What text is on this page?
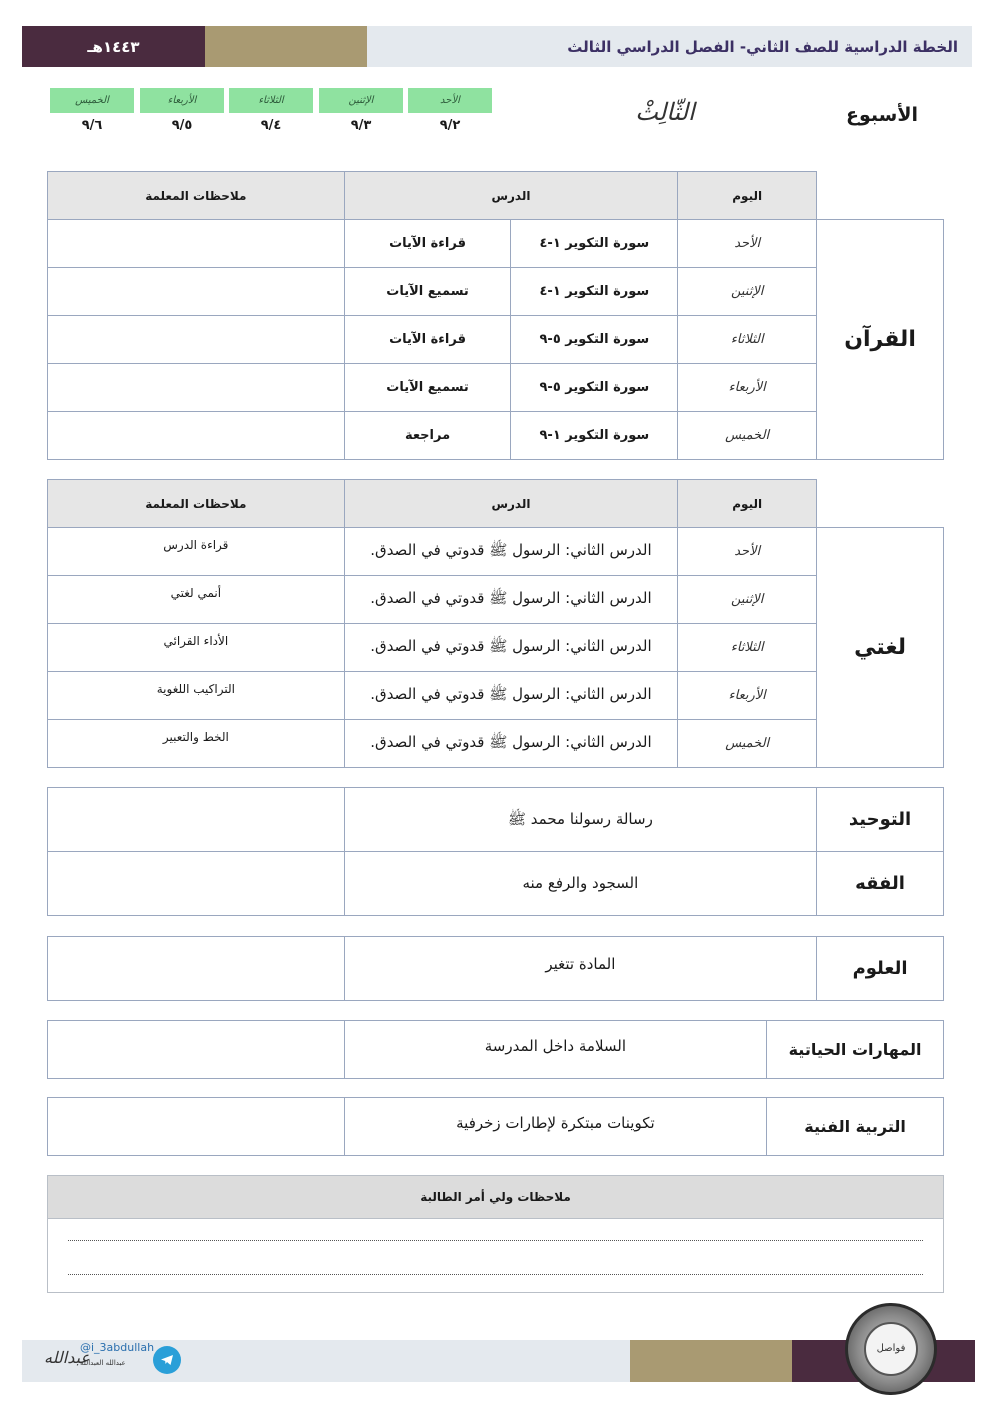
١٤٤٣هـ	الخطة الدراسية للصف الثاني- الفصل الدراسي الثالث
الأسبوع
الثّالِثْ
الأحد
٩/٢
الإثنين
٩/٣
الثلاثاء
٩/٤
الأربعاء
٩/٥
الخميس
٩/٦
	اليوم	الدرس		ملاحظات المعلمة
القرآن	الأحد	سورة التكوير ١-٤	قراءة الآيات	
	الإثنين	سورة التكوير ١-٤	تسميع الآيات	
	الثلاثاء	سورة التكوير ٥-٩	قراءة الآيات	
	الأربعاء	سورة التكوير ٥-٩	تسميع الآيات	
	الخميس	سورة التكوير ١-٩	مراجعة	
	اليوم	الدرس	ملاحظات المعلمة
لغتي	الأحد	الدرس الثاني: الرسول ﷺ قدوتي في الصدق.	قراءة الدرس
	الإثنين	الدرس الثاني: الرسول ﷺ قدوتي في الصدق.	أنمي لغتي
	الثلاثاء	الدرس الثاني: الرسول ﷺ قدوتي في الصدق.	الأداء القرائي
	الأربعاء	الدرس الثاني: الرسول ﷺ قدوتي في الصدق.	التراكيب اللغوية
	الخميس	الدرس الثاني: الرسول ﷺ قدوتي في الصدق.	الخط والتعبير
التوحيد	رسالة رسولنا محمد ﷺ	
الفقه	السجود والرفع منه	
العلوم	المادة تتغير	
المهارات الحياتية	السلامة داخل المدرسة	
التربية الفنية	تكوينات مبتكرة لإطارات زخرفية	
ملاحظات ولي أمر الطالبة
فواصل
@i_3abdullah
عبدالله
عبدالله العبدالله
